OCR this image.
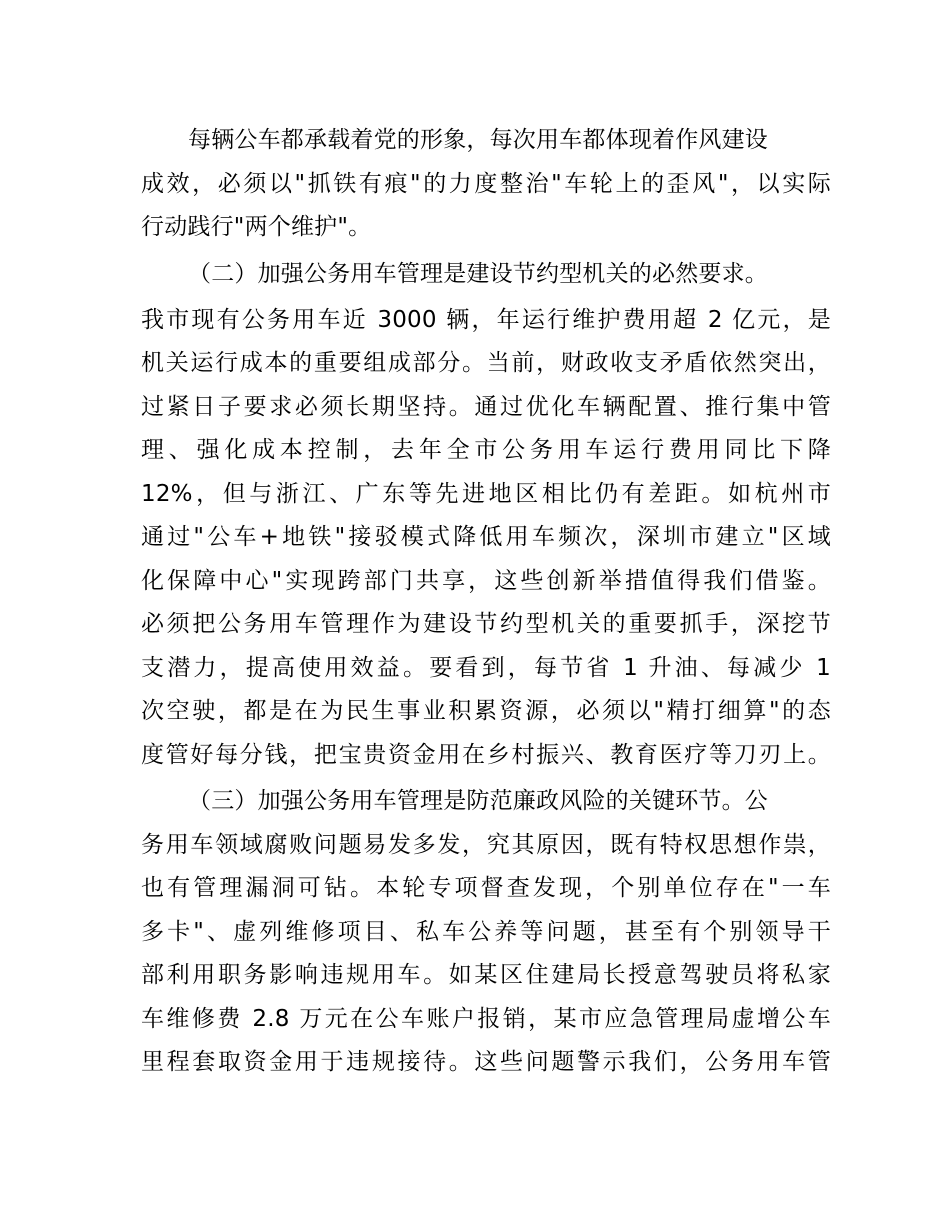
每辆公车都承载着党的形象，每次用车都体现着作风建设

成效，必须以"抓铁有痕"的力度整治"车轮上的歪风"，以实际

行动践行"两个维护"。

（二）加强公务用车管理是建设节约型机关的必然要求。

我市现有公务用车近 3000 辆，年运行维护费用超 2 亿元，是

机关运行成本的重要组成部分。当前，财政收支矛盾依然突出，

过紧日子要求必须长期坚持。通过优化车辆配置、推行集中管

理、强化成本控制，去年全市公务用车运行费用同比下降

12%，但与浙江、广东等先进地区相比仍有差距。如杭州市

通过"公车+地铁"接驳模式降低用车频次，深圳市建立"区域

化保障中心"实现跨部门共享，这些创新举措值得我们借鉴。

必须把公务用车管理作为建设节约型机关的重要抓手，深挖节

支潜力，提高使用效益。要看到，每节省 1 升油、每减少 1

次空驶，都是在为民生事业积累资源，必须以"精打细算"的态

度管好每分钱，把宝贵资金用在乡村振兴、教育医疗等刀刃上。

（三）加强公务用车管理是防范廉政风险的关键环节。公

务用车领域腐败问题易发多发，究其原因，既有特权思想作祟，

也有管理漏洞可钻。本轮专项督查发现，个别单位存在"一车

多卡"、虚列维修项目、私车公养等问题，甚至有个别领导干

部利用职务影响违规用车。如某区住建局长授意驾驶员将私家

车维修费 2.8 万元在公车账户报销，某市应急管理局虚增公车

里程套取资金用于违规接待。这些问题警示我们，公务用车管
